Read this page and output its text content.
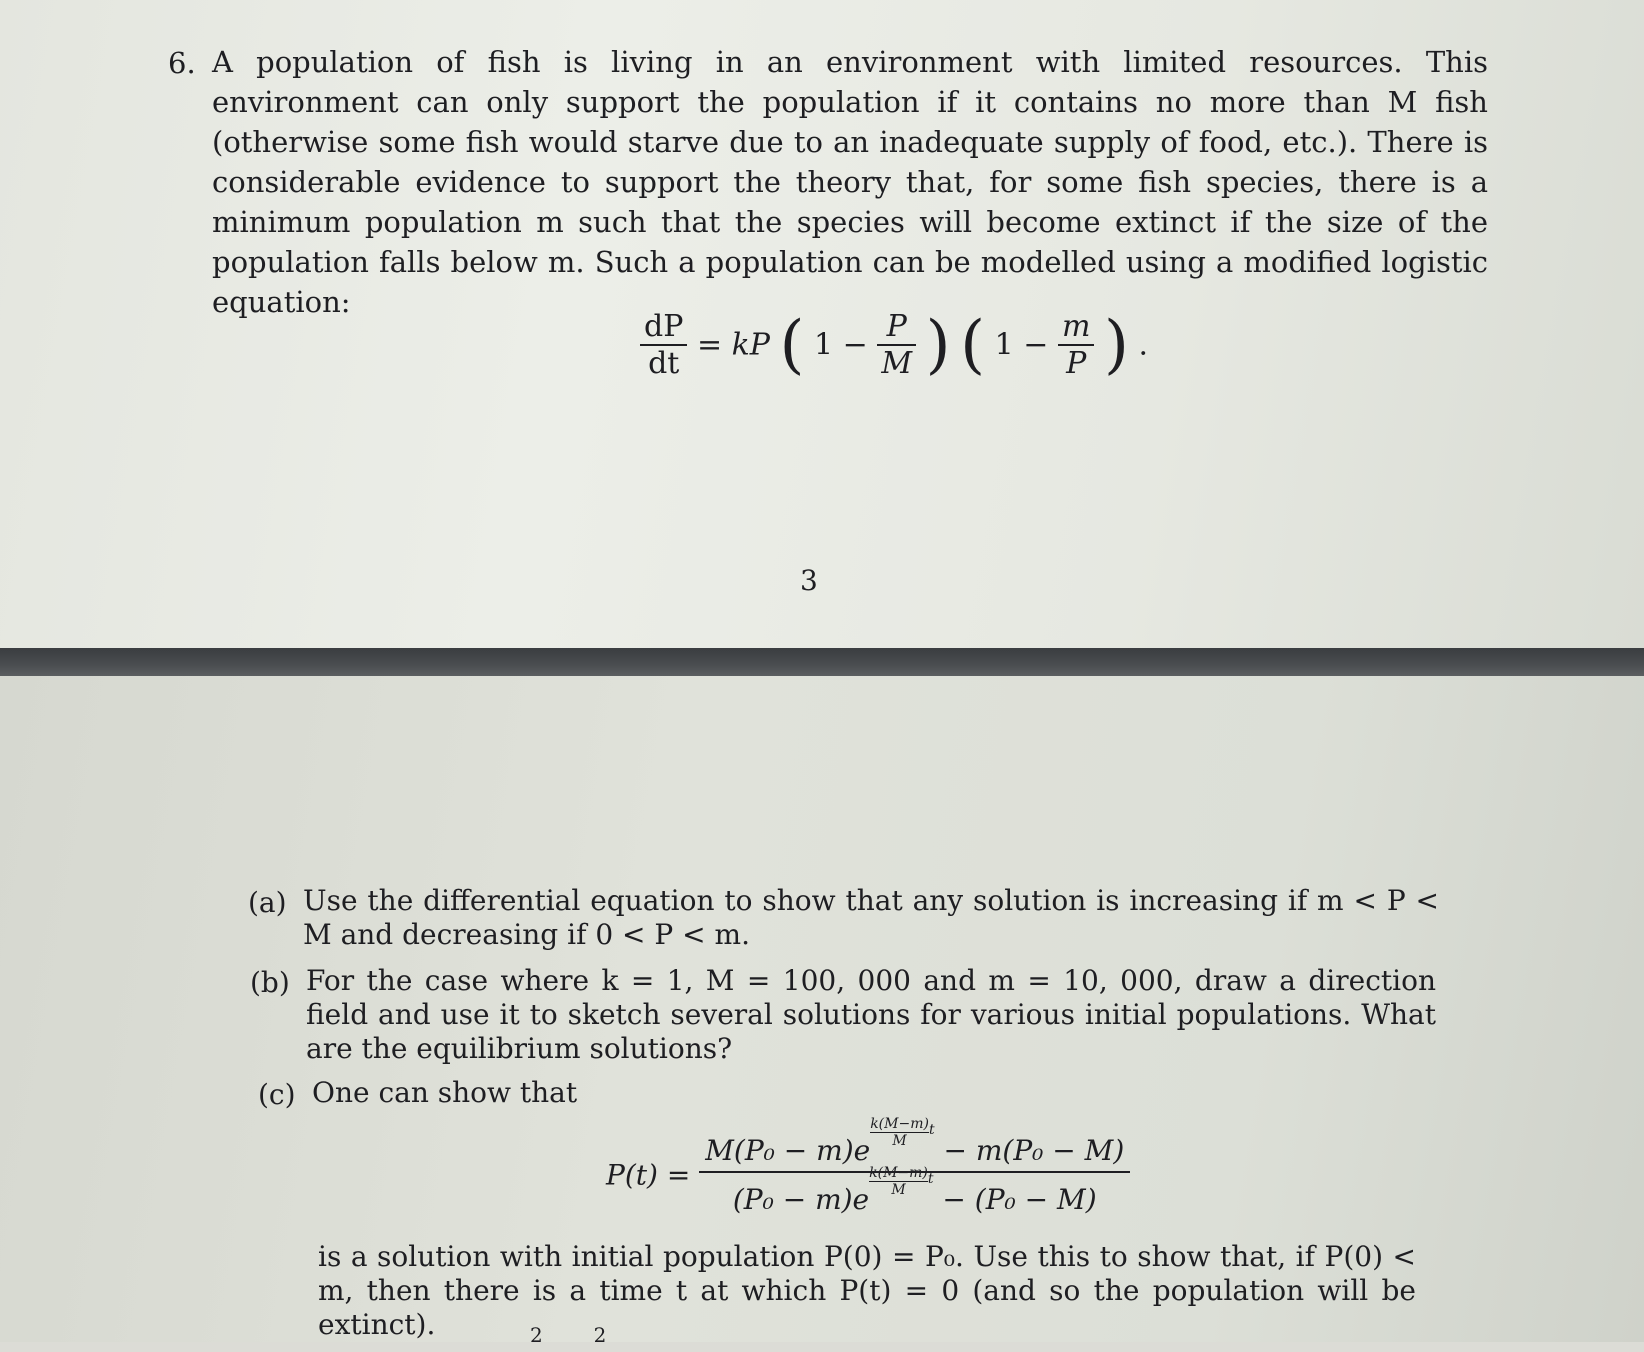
6. A population of fish is living in an environment with limited resources. This environment can only support the population if it contains no more than M fish (otherwise some fish would starve due to an inadequate supply of food, etc.). There is considerable evidence to support the theory that, for some fish species, there is a minimum population m such that the species will become extinct if the size of the population falls below m. Such a population can be modelled using a modified logistic equation:
$\frac{dP}{dt}$ = kP ( $1 - \frac{P}{M}$ ) ( $1 - \frac{m}{P}$ ) .
3
(a) Use the differential equation to show that any solution is increasing if m < P < M and decreasing if 0 < P < m.
(b) For the case where k = 1, M = 100, 000 and m = 10, 000, draw a direction field and use it to sketch several solutions for various initial populations. What are the equilibrium solutions?
(c) One can show that
P(t) = M(P₀ − m)e
$\frac{k(M-m)}{M} ^t - m(P_0 - M)$
(P₀ − m)e
$\frac{k(M-m)}{M} ^t - (P_0 - M)$
is a solution with initial population P(0) = P₀. Use this to show that, if P(0) < m, then there is a time t at which P(t) = 0 (and so the population will be extinct).	2        2
